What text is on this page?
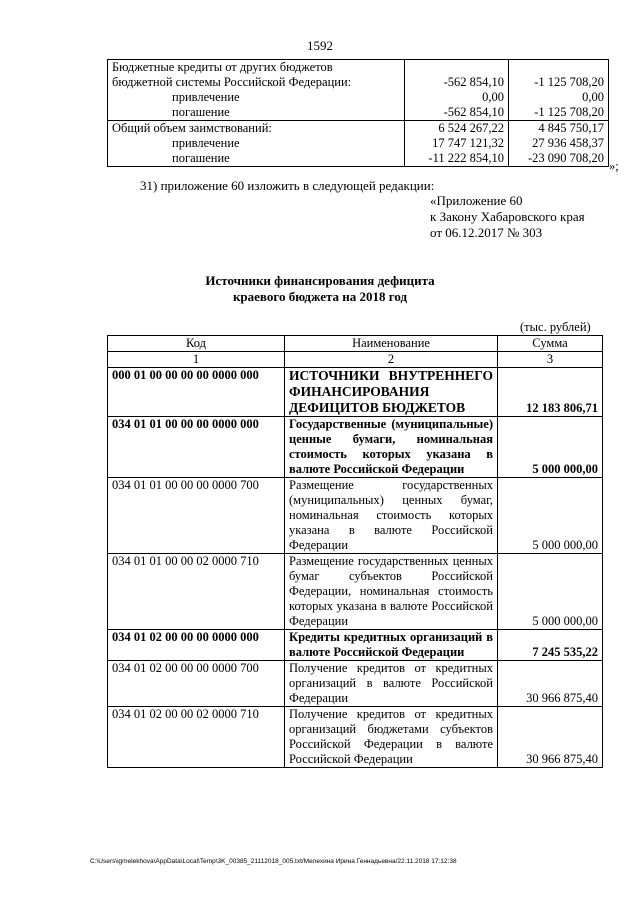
1592
Бюджетные кредиты от других бюджетов
бюджетной системы Российской Федерации:	-562 854,10	-1 125 708,20

привлечение	0,00	0,00

погашение	-562 854,10	-1 125 708,20
Общий объем заимствований:	6 524 267,22	4 845 750,17

привлечение	17 747 121,32	27 936 458,37

погашение	-11 222 854,10	-23 090 708,20
»;
31) приложение 60 изложить в следующей редакции:
«Приложение 60
к Закону Хабаровского края
от 06.12.2017 № 303
Источники финансирования дефицита
краевого бюджета на 2018 год
(тыс. рублей)
Код	Наименование	Сумма
1	2	3
000 01 00 00 00 00 0000 000	ИСТОЧНИКИ ВНУТРЕННЕГО ФИНАНСИРОВАНИЯ ДЕФИЦИТОВ БЮДЖЕТОВ	12 183 806,71
034 01 01 00 00 00 0000 000	Государственные (муниципальные) ценные бумаги, номинальная стоимость которых указана в валюте Российской Федерации	5 000 000,00
034 01 01 00 00 00 0000 700	Размещение государственных (муниципальных) ценных бумаг, номинальная стоимость которых указана в валюте Российской Федерации	5 000 000,00
034 01 01 00 00 02 0000 710	Размещение государственных ценных бумаг субъектов Российской Федерации, номинальная стоимость которых указана в валюте Российской Федерации	5 000 000,00
034 01 02 00 00 00 0000 000	Кредиты кредитных организаций в валюте Российской Федерации	7 245 535,22
034 01 02 00 00 00 0000 700	Получение кредитов от кредитных организаций в валюте Российской Федерации	30 966 875,40
034 01 02 00 00 02 0000 710	Получение кредитов от кредитных организаций бюджетами субъектов Российской Федерации в валюте Российской Федерации	30 966 875,40
C:\Users\igmelekhova\AppData\Local\Temp\3K_00385_21112018_005.txt/Мелехина Ирина Геннадьевна/22.11.2018 17:12:38
